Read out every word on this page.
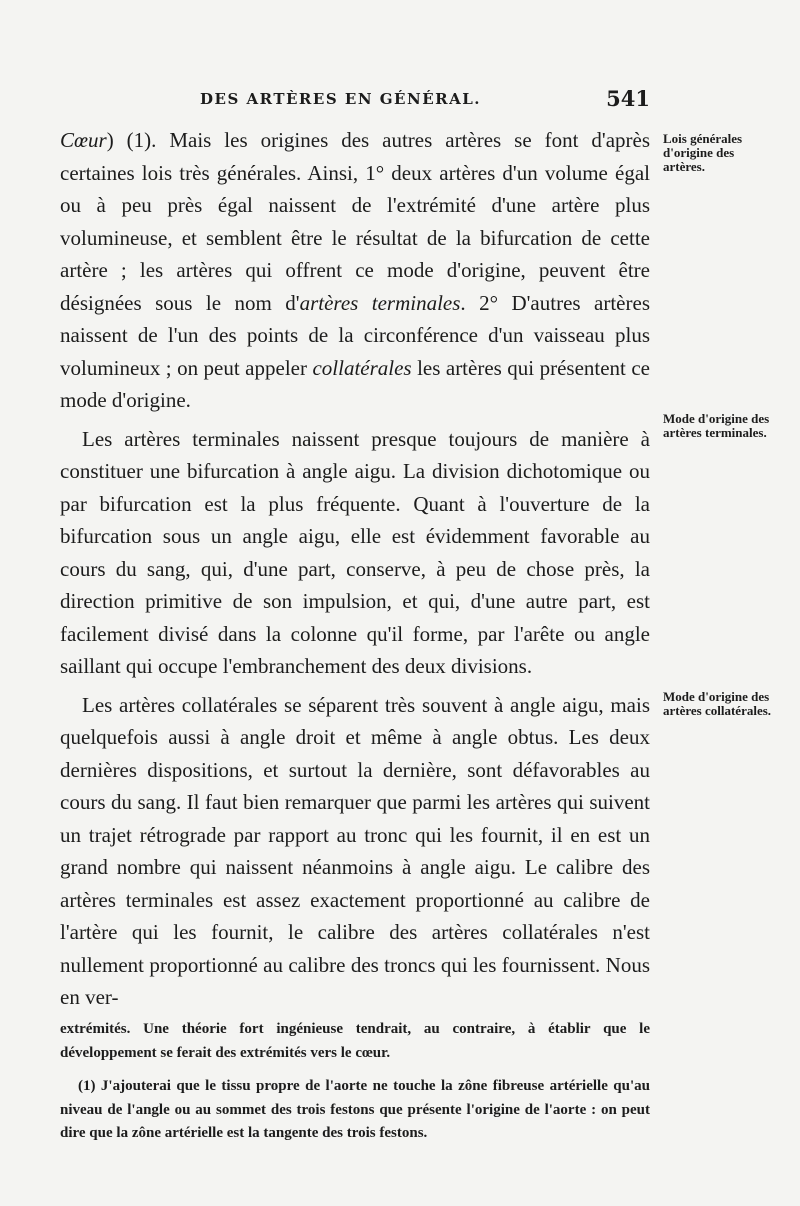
DES ARTÈRES EN GÉNÉRAL.	541

Cœur) (1). Mais les origines des autres artères se font d'après certaines lois très générales. Ainsi, 1° deux artères d'un volume égal ou à peu près égal naissent de l'extrémité d'une artère plus volumineuse, et semblent être le résultat de la bifurcation de cette artère ; les artères qui offrent ce mode d'origine, peuvent être désignées sous le nom d'artères terminales. 2° D'autres artères naissent de l'un des points de la circonférence d'un vaisseau plus volumineux ; on peut appeler collatérales les artères qui présentent ce mode d'origine.

Les artères terminales naissent presque toujours de manière à constituer une bifurcation à angle aigu. La division dichotomique ou par bifurcation est la plus fréquente. Quant à l'ouverture de la bifurcation sous un angle aigu, elle est évidemment favorable au cours du sang, qui, d'une part, conserve, à peu de chose près, la direction primitive de son impulsion, et qui, d'une autre part, est facilement divisé dans la colonne qu'il forme, par l'arête ou angle saillant qui occupe l'embranchement des deux divisions.

Les artères collatérales se séparent très souvent à angle aigu, mais quelquefois aussi à angle droit et même à angle obtus. Les deux dernières dispositions, et surtout la dernière, sont défavorables au cours du sang. Il faut bien remarquer que parmi les artères qui suivent un trajet rétrograde par rapport au tronc qui les fournit, il en est un grand nombre qui naissent néanmoins à angle aigu. Le calibre des artères terminales est assez exactement proportionné au calibre de l'artère qui les fournit, le calibre des artères collatérales n'est nullement proportionné au calibre des troncs qui les fournissent. Nous en ver-

Lois générales d'origine des artères.
Mode d'origine des artères terminales.
Mode d'origine des artères collatérales.

extrémités. Une théorie fort ingénieuse tendrait, au contraire, à établir que le développement se ferait des extrémités vers le cœur.

(1) J'ajouterai que le tissu propre de l'aorte ne touche la zône fibreuse artérielle qu'au niveau de l'angle ou au sommet des trois festons que présente l'origine de l'aorte : on peut dire que la zône artérielle est la tangente des trois festons.
